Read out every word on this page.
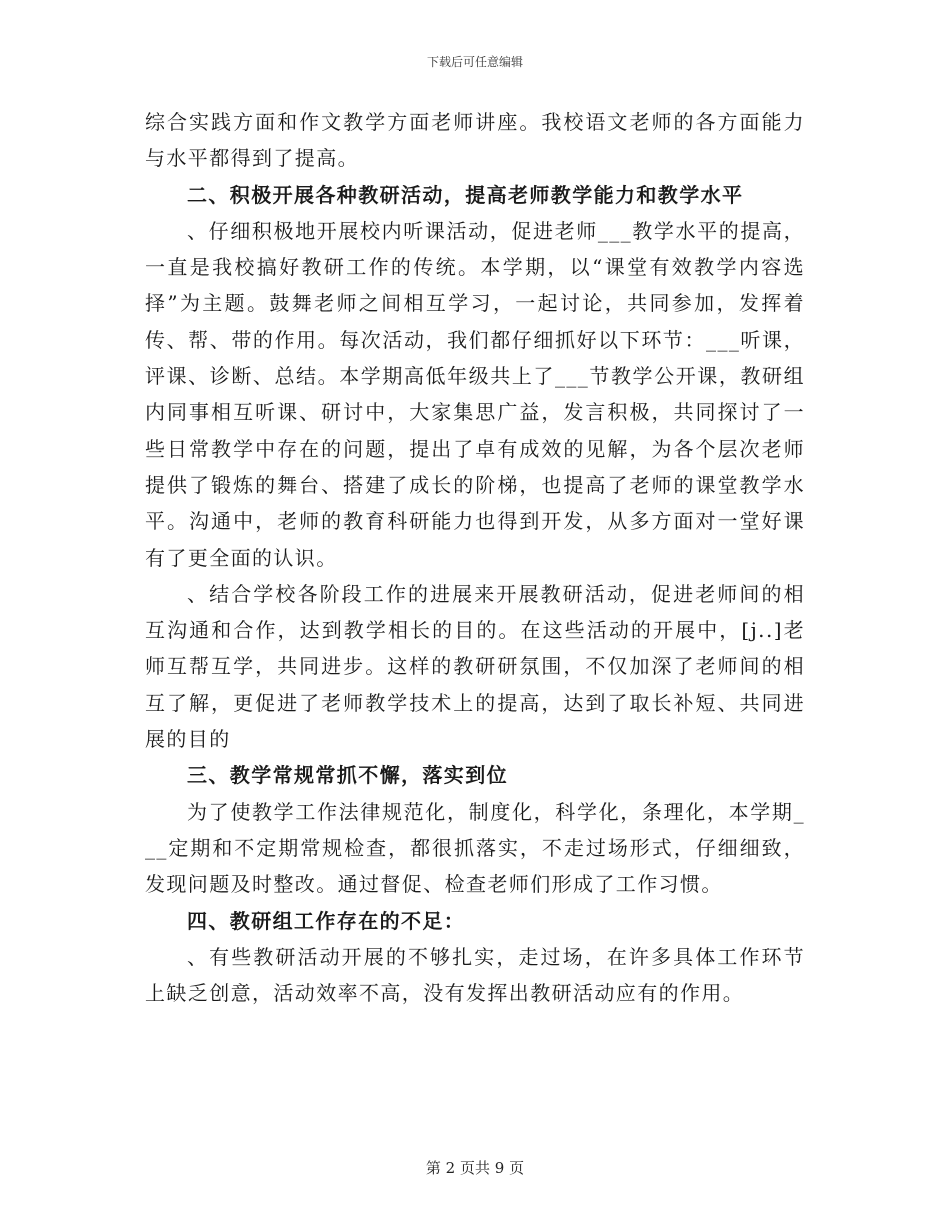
下载后可任意编辑

综合实践方面和作文教学方面老师讲座。我校语文老师的各方面能力与水平都得到了提高。

二、积极开展各种教研活动，提高老师教学能力和教学水平

、仔细积极地开展校内听课活动，促进老师___教学水平的提高，一直是我校搞好教研工作的传统。本学期，以“课堂有效教学内容选择”为主题。鼓舞老师之间相互学习，一起讨论，共同参加，发挥着传、帮、带的作用。每次活动，我们都仔细抓好以下环节：___听课，评课、诊断、总结。本学期高低年级共上了___节教学公开课，教研组内同事相互听课、研讨中，大家集思广益，发言积极，共同探讨了一些日常教学中存在的问题，提出了卓有成效的见解，为各个层次老师提供了锻炼的舞台、搭建了成长的阶梯，也提高了老师的课堂教学水平。沟通中，老师的教育科研能力也得到开发，从多方面对一堂好课有了更全面的认识。

、结合学校各阶段工作的进展来开展教研活动，促进老师间的相互沟通和合作，达到教学相长的目的。在这些活动的开展中，[j..]老师互帮互学，共同进步。这样的教研研氛围，不仅加深了老师间的相互了解，更促进了老师教学技术上的提高，达到了取长补短、共同进展的目的

三、教学常规常抓不懈，落实到位

为了使教学工作法律规范化，制度化，科学化，条理化，本学期___定期和不定期常规检查，都很抓落实，不走过场形式，仔细细致，发现问题及时整改。通过督促、检查老师们形成了工作习惯。

四、教研组工作存在的不足：

、有些教研活动开展的不够扎实，走过场，在许多具体工作环节上缺乏创意，活动效率不高，没有发挥出教研活动应有的作用。

第 2 页共 9 页
